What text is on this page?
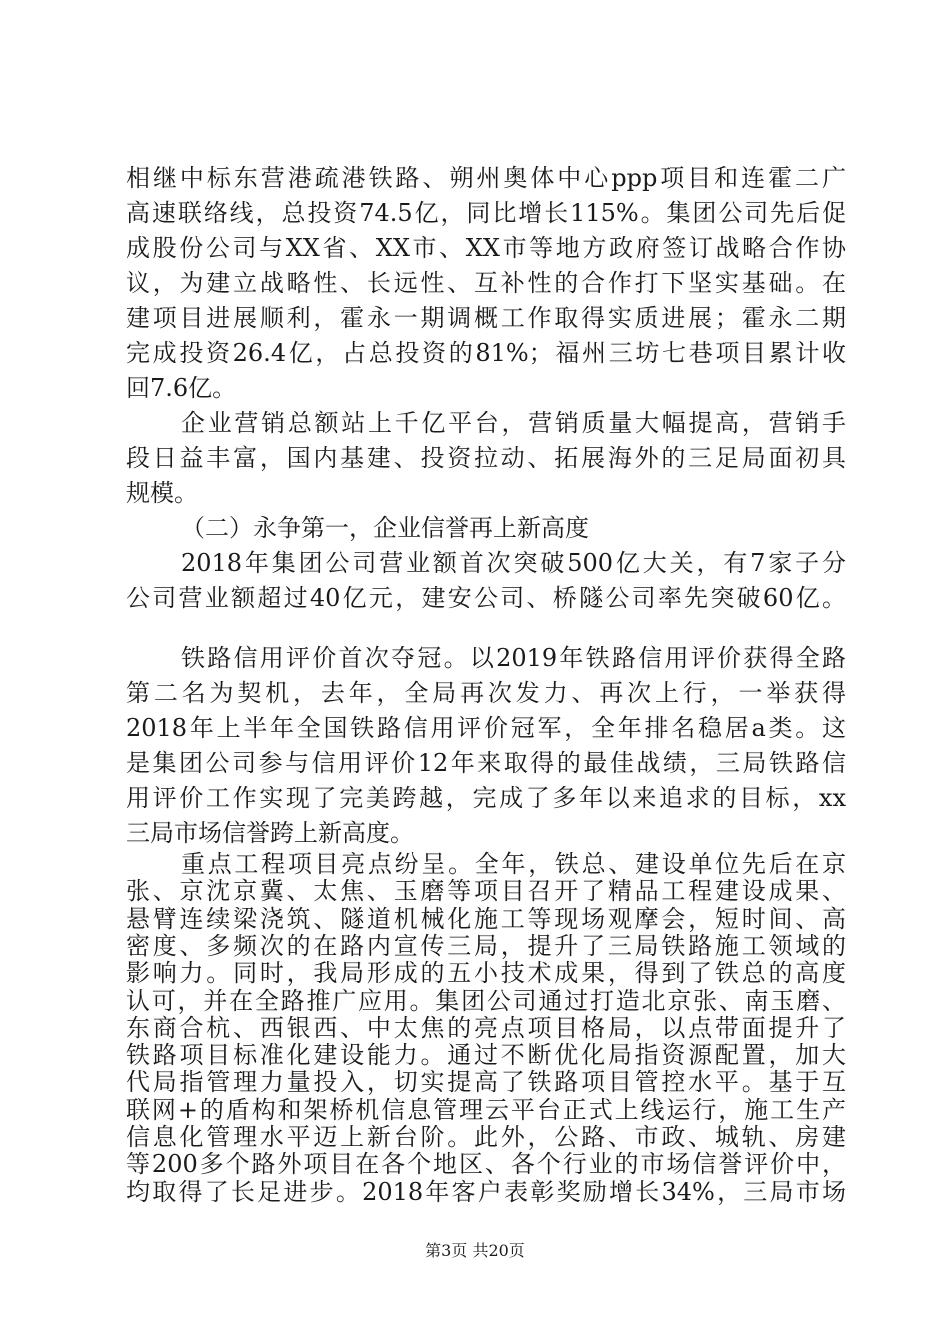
相继中标东营港疏港铁路、朔州奥体中心ppp项目和连霍二广
高速联络线，总投资74.5亿，同比增长115%。集团公司先后促
成股份公司与XX省、XX市、XX市等地方政府签订战略合作协
议，为建立战略性、长远性、互补性的合作打下坚实基础。在
建项目进展顺利，霍永一期调概工作取得实质进展；霍永二期
完成投资26.4亿，占总投资的81%；福州三坊七巷项目累计收
回7.6亿。
企业营销总额站上千亿平台，营销质量大幅提高，营销手
段日益丰富，国内基建、投资拉动、拓展海外的三足局面初具
规模。
（二）永争第一，企业信誉再上新高度
2018年集团公司营业额首次突破500亿大关，有7家子分
公司营业额超过40亿元，建安公司、桥隧公司率先突破60亿。
铁路信用评价首次夺冠。以2019年铁路信用评价获得全路
第二名为契机，去年，全局再次发力、再次上行，一举获得
2018年上半年全国铁路信用评价冠军，全年排名稳居a类。这
是集团公司参与信用评价12年来取得的最佳战绩，三局铁路信
用评价工作实现了完美跨越，完成了多年以来追求的目标，xx
三局市场信誉跨上新高度。
重点工程项目亮点纷呈。全年，铁总、建设单位先后在京
张、京沈京冀、太焦、玉磨等项目召开了精品工程建设成果、
悬臂连续梁浇筑、隧道机械化施工等现场观摩会，短时间、高
密度、多频次的在路内宣传三局，提升了三局铁路施工领域的
影响力。同时，我局形成的五小技术成果，得到了铁总的高度
认可，并在全路推广应用。集团公司通过打造北京张、南玉磨、
东商合杭、西银西、中太焦的亮点项目格局，以点带面提升了
铁路项目标准化建设能力。通过不断优化局指资源配置，加大
代局指管理力量投入，切实提高了铁路项目管控水平。基于互
联网+的盾构和架桥机信息管理云平台正式上线运行，施工生产
信息化管理水平迈上新台阶。此外，公路、市政、城轨、房建
等200多个路外项目在各个地区、各个行业的市场信誉评价中，
均取得了长足进步。2018年客户表彰奖励增长34%，三局市场
第3页 共20页
